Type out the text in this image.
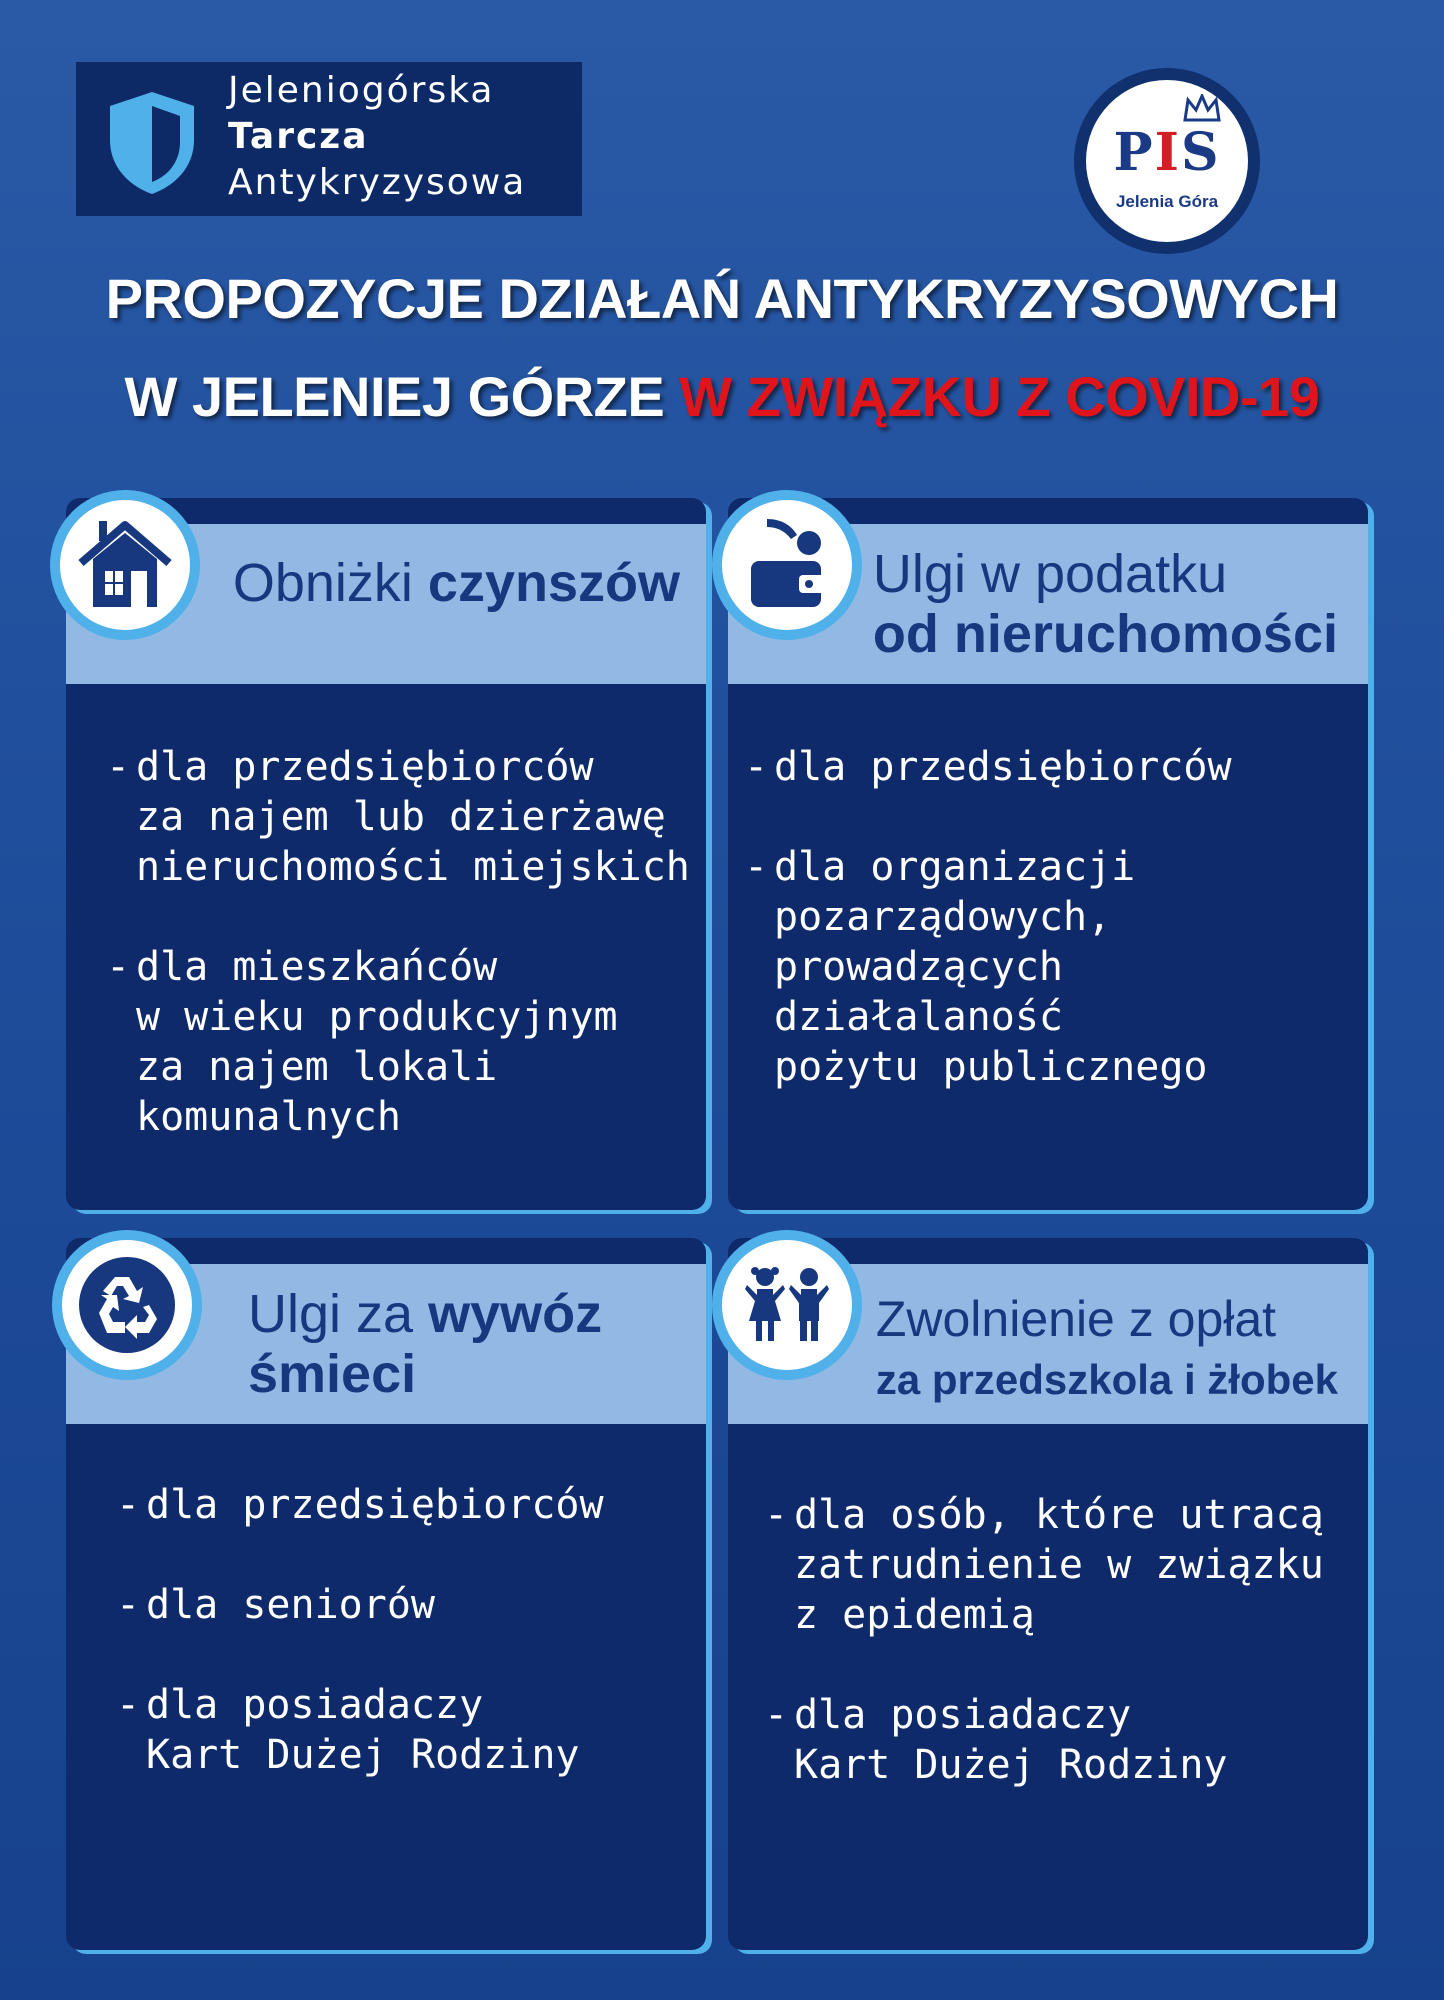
Jeleniogórska
Tarcza
Antykryzysowa	PIS
Jelenia Góra
PROPOZYCJE DZIAŁAŃ ANTYKRYZYSOWYCH
W JELENIEJ GÓRZE W ZWIĄZKU Z COVID-19
Obniżki czynszów
- dla przedsiębiorców
za najem lub dzierżawę
nieruchomości miejskich
- dla mieszkańców
w wieku produkcyjnym
za najem lokali
komunalnych
Ulgi w podatku
od nieruchomości
- dla przedsiębiorców
- dla organizacji
pozarządowych,
prowadzących działalaność
pożytu publicznego
Ulgi za wywóz
śmieci
- dla przedsiębiorców
- dla seniorów
- dla posiadaczy
Kart Dużej Rodziny
Zwolnienie z opłat
za przedszkola i żłobek
- dla osób, które utracą
zatrudnienie w związku
z epidemią
- dla posiadaczy
Kart Dużej Rodziny
